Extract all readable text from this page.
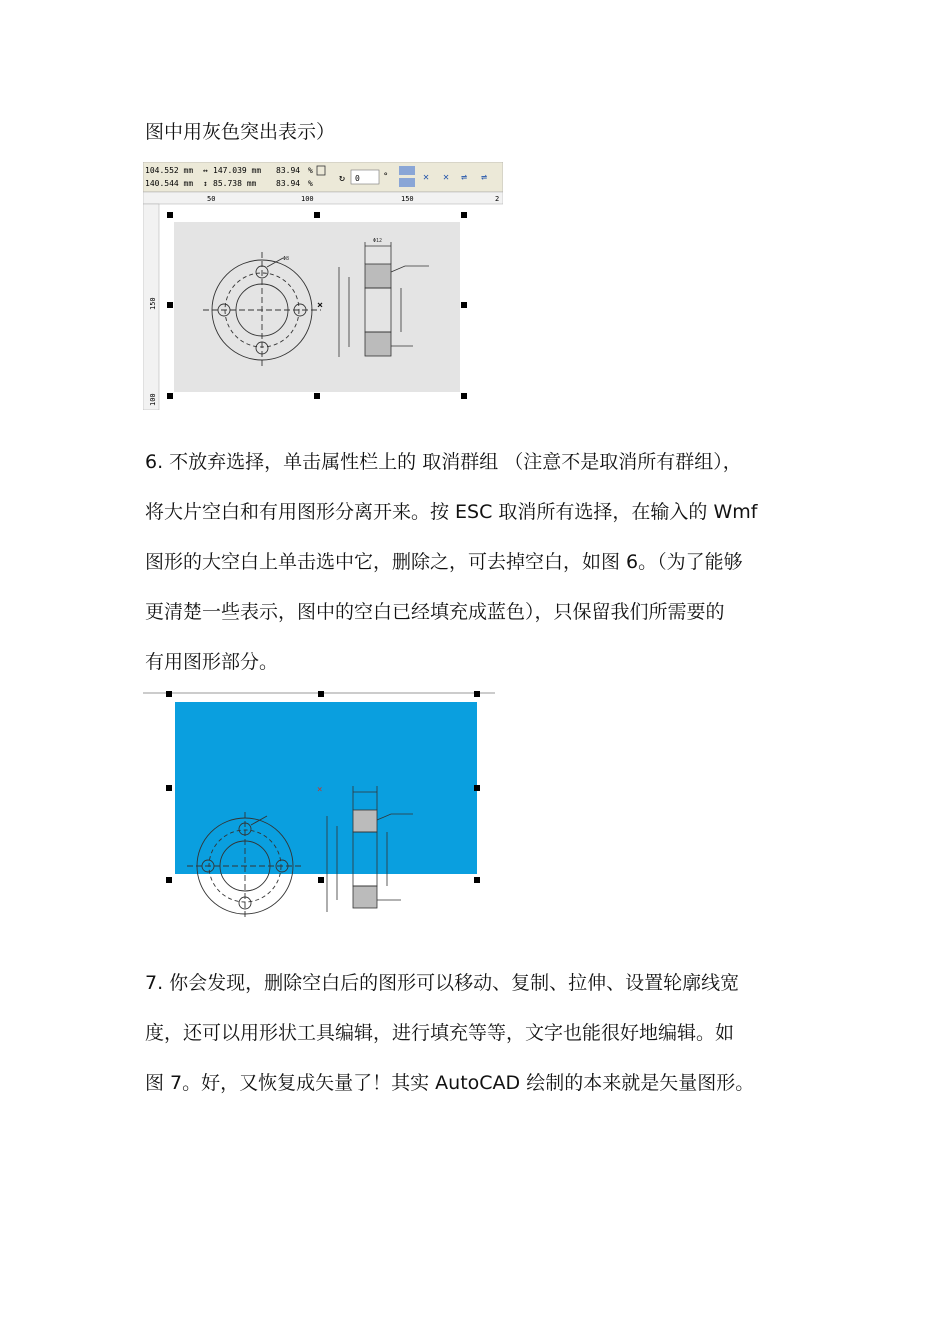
图中用灰色突出表示）

104.552 mm
140.544 mm
↔
↕
147.039 mm
85.738 mm
83.94
83.94
%
%	↻ 0	°	✕ ✕ ⇌ ⇌
50	100	150	2
150
100
Φ8
×
Φ12

6. 不放弃选择，单击属性栏上的 取消群组 （注意不是取消所有群组），
将大片空白和有用图形分离开来。按 ESC 取消所有选择，在输入的 Wmf
图形的大空白上单击选中它，删除之，可去掉空白，如图 6。（为了能够
更清楚一些表示，图中的空白已经填充成蓝色），只保留我们所需要的
有用图形部分。

×

7. 你会发现，删除空白后的图形可以移动、复制、拉伸、设置轮廓线宽
度，还可以用形状工具编辑，进行填充等等，文字也能很好地编辑。如
图 7。好，又恢复成矢量了！其实 AutoCAD 绘制的本来就是矢量图形。
